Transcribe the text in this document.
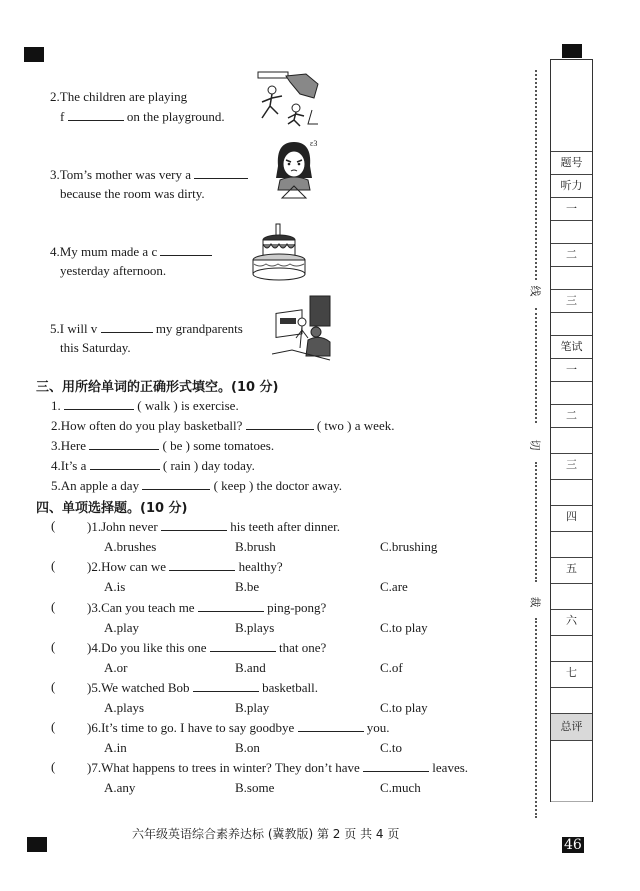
2.The children are playing
f	on the playground.
3.Tom’s mother was very a
because the room was dirty.
ε3
4.My mum made a c
yesterday afternoon.
5.I will v	my grandparents
this Saturday.
三、用所给单词的正确形式填空。(10 分)
1.	( walk ) is exercise.
2.How often do you play basketball?	( two ) a week.
3.Here	( be ) some tomatoes.
4.It’s a	( rain ) day today.
5.An apple a day	( keep ) the doctor away.
四、单项选择题。(10 分)
( )1.John never	his teeth after dinner.
A.brushes	B.brush	C.brushing
( )2.How can we	healthy?
A.is	B.be	C.are
( )3.Can you teach me	ping-pong?
A.play	B.plays	C.to play
( )4.Do you like this one	that one?
A.or	B.and	C.of
( )5.We watched Bob	basketball.
A.plays	B.play	C.to play
( )6.It’s time to go. I have to say goodbye	you.
A.in	B.on	C.to
( )7.What happens to trees in winter? They don’t have	leaves.
A.any	B.some	C.much
线
切
裁
题号
听力
一
二
三
笔试
一
二
三
四
五
六
七
总评
六年级英语综合素养达标 (冀教版) 第 2 页 共 4 页
46
